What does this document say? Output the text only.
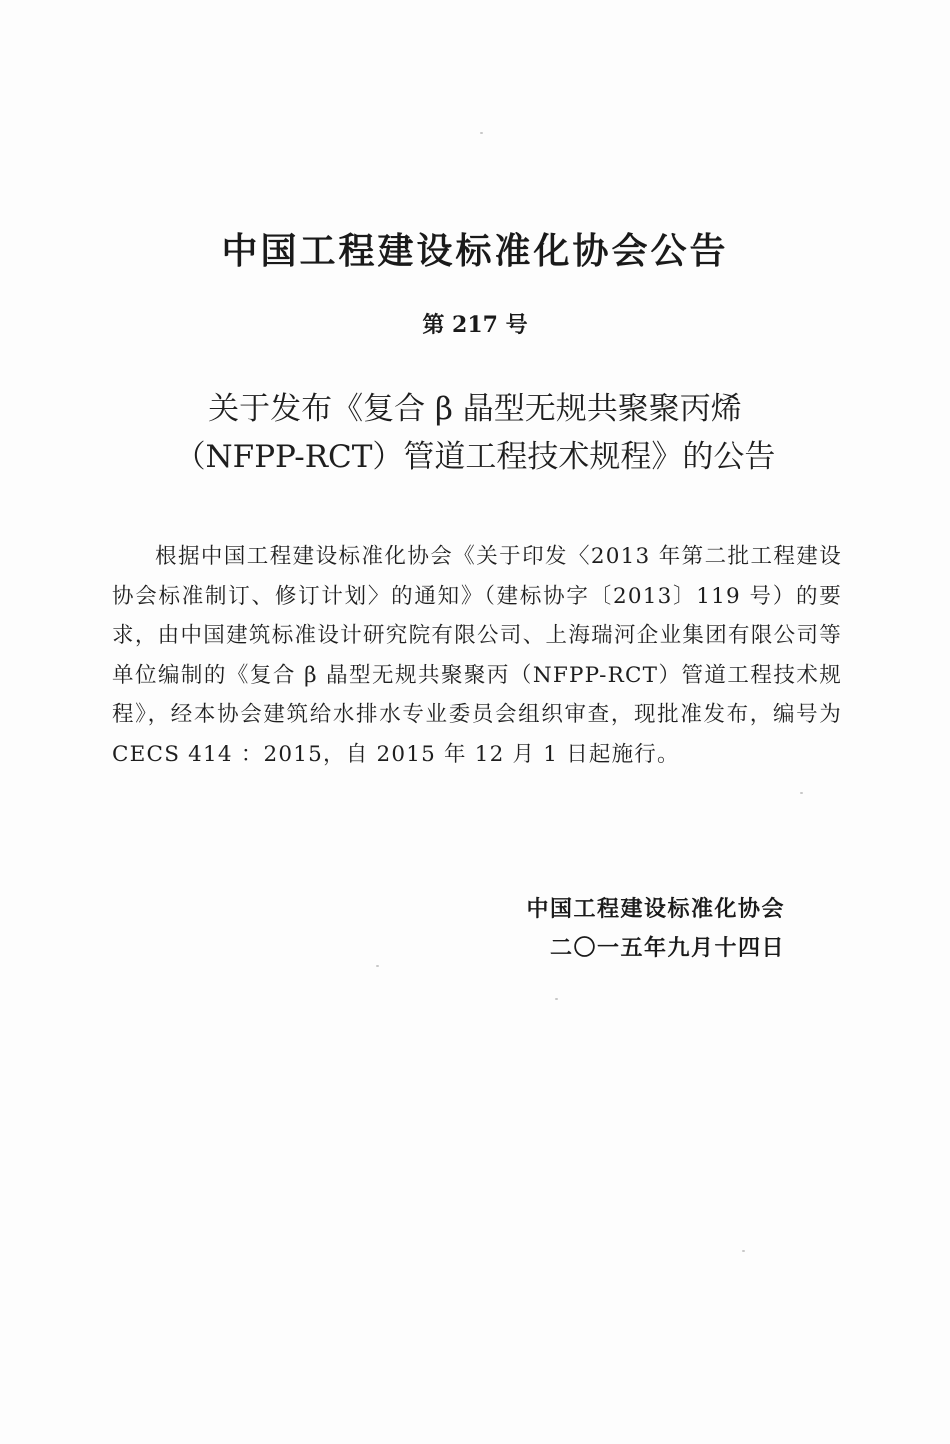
中国工程建设标准化协会公告
第 217 号
关于发布《复合 β 晶型无规共聚聚丙烯
（NFPP-RCT）管道工程技术规程》的公告
根据中国工程建设标准化协会《关于印发〈2013 年第二批工程建设协会标准制订、修订计划〉的通知》（建标协字〔2013〕119 号）的要求，由中国建筑标准设计研究院有限公司、上海瑞河企业集团有限公司等单位编制的《复合 β 晶型无规共聚聚丙（NFPP-RCT）管道工程技术规程》，经本协会建筑给水排水专业委员会组织审查，现批准发布，编号为 CECS 414 ：2015，自 2015 年 12 月 1 日起施行。
中国工程建设标准化协会
二〇一五年九月十四日
